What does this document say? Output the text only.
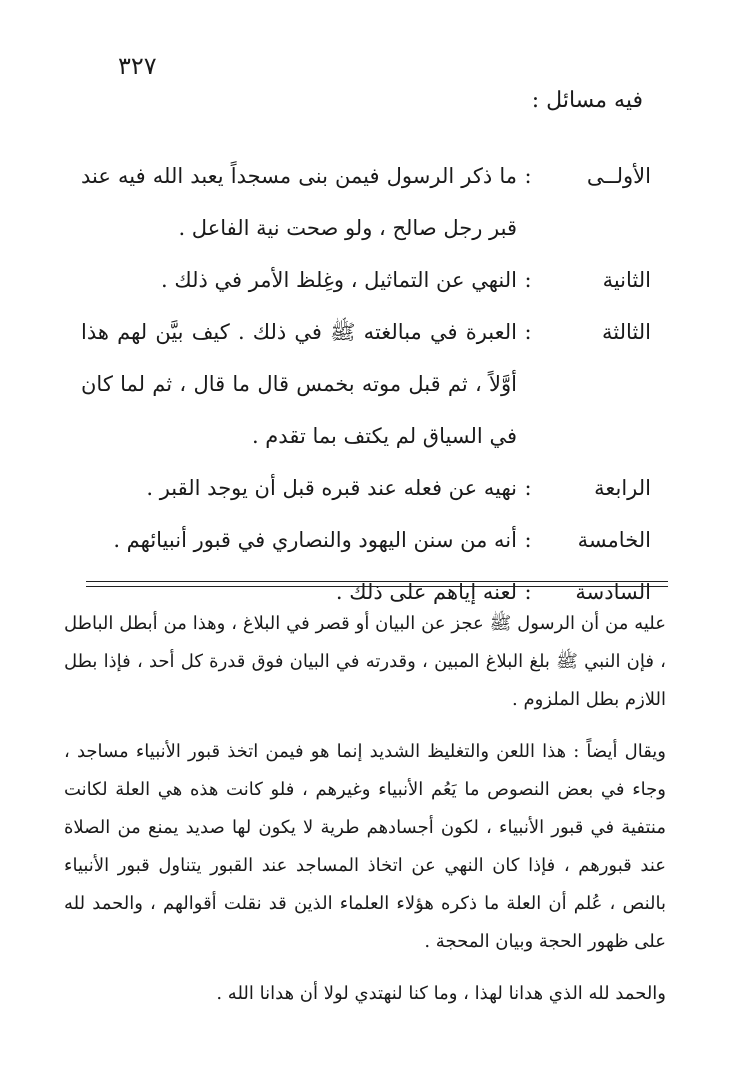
٣٢٧
فيه مسائل :
الأولــى
:
ما ذكر الرسول فيمن بنى مسجداً يعبد الله فيه عند قبر رجل صالح ، ولو صحت نية الفاعل .
الثانية
:
النهي عن التماثيل ، وغِلظ الأمر في ذلك .
الثالثة
:
العبرة في مبالغته ﷺ في ذلك . كيف بيَّن لهم هذا أوَّلاً ، ثم قبل موته بخمس قال ما قال ، ثم لما كان في السياق لم يكتف بما تقدم .
الرابعة
:
نهيه عن فعله عند قبره قبل أن يوجد القبر .
الخامسة
:
أنه من سنن اليهود والنصاري في قبور أنبيائهم .
السادسة
:
لعنه إياهم على ذلك .

عليه من أن الرسول ﷺ عجز عن البيان أو قصر في البلاغ ، وهذا من أبطل الباطل ، فإن النبي ﷺ بلغ البلاغ المبين ، وقدرته في البيان فوق قدرة كل أحد ، فإذا بطل اللازم بطل الملزوم .

ويقال أيضاً : هذا اللعن والتغليظ الشديد إنما هو فيمن اتخذ قبور الأنبياء مساجد ، وجاء في بعض النصوص ما يَعُم الأنبياء وغيرهم ، فلو كانت هذه هي العلة لكانت منتفية في قبور الأنبياء ، لكون أجسادهم طرية لا يكون لها صديد يمنع من الصلاة عند قبورهم ، فإذا كان النهي عن اتخاذ المساجد عند القبور يتناول قبور الأنبياء بالنص ، عُلم أن العلة ما ذكره هؤلاء العلماء الذين قد نقلت أقوالهم ، والحمد لله على ظهور الحجة وبيان المحجة .

والحمد لله الذي هدانا لهذا ، وما كنا لنهتدي لولا أن هدانا الله .
